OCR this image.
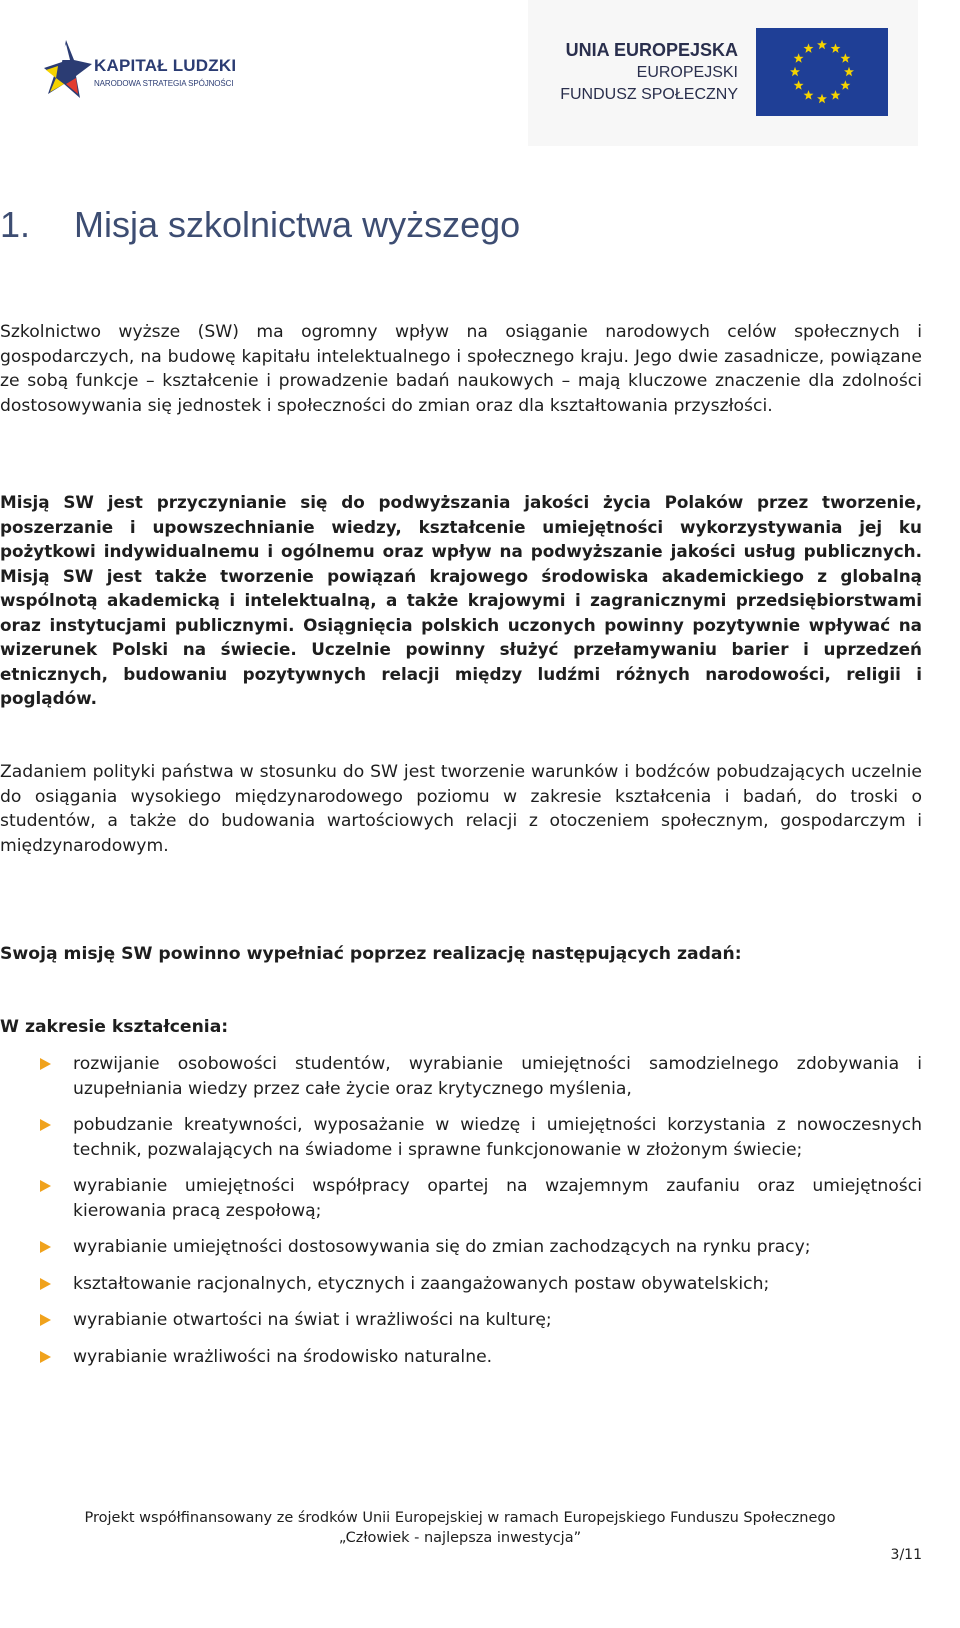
KAPITAŁ LUDZKI
NARODOWA STRATEGIA SPÓJNOŚCI
UNIA EUROPEJSKA
EUROPEJSKI
FUNDUSZ SPOŁECZNY
1. Misja szkolnictwa wyższego
Szkolnictwo wyższe (SW) ma ogromny wpływ na osiąganie narodowych celów społecznych i gospodarczych, na budowę kapitału intelektualnego i społecznego kraju. Jego dwie zasadnicze, powiązane ze sobą funkcje – kształcenie i prowadzenie badań naukowych – mają kluczowe znaczenie dla zdolności dostosowywania się jednostek i społeczności do zmian oraz dla kształtowania przyszłości.
Misją SW jest przyczynianie się do podwyższania jakości życia Polaków przez tworzenie, poszerzanie i upowszechnianie wiedzy, kształcenie umiejętności wykorzystywania jej ku pożytkowi indywidualnemu i ogólnemu oraz wpływ na podwyższanie jakości usług publicznych. Misją SW jest także tworzenie powiązań krajowego środowiska akademickiego z globalną wspólnotą akademicką i intelektualną, a także krajowymi i zagranicznymi przedsiębiorstwami oraz instytucjami publicznymi. Osiągnięcia polskich uczonych powinny pozytywnie wpływać na wizerunek Polski na świecie. Uczelnie powinny służyć przełamywaniu barier i uprzedzeń etnicznych, budowaniu pozytywnych relacji między ludźmi różnych narodowości, religii i poglądów.
Zadaniem polityki państwa w stosunku do SW jest tworzenie warunków i bodźców pobudzających uczelnie do osiągania wysokiego międzynarodowego poziomu w zakresie kształcenia i badań, do troski o studentów, a także do budowania wartościowych relacji z otoczeniem społecznym, gospodarczym i międzynarodowym.
Swoją misję SW powinno wypełniać poprzez realizację następujących zadań:
W zakresie kształcenia:
rozwijanie osobowości studentów, wyrabianie umiejętności samodzielnego zdobywania i uzupełniania wiedzy przez całe życie oraz krytycznego myślenia,
pobudzanie kreatywności, wyposażanie w wiedzę i umiejętności korzystania z nowoczesnych technik, pozwalających na świadome i sprawne funkcjonowanie w złożonym świecie;
wyrabianie umiejętności współpracy opartej na wzajemnym zaufaniu oraz umiejętności kierowania pracą zespołową;
wyrabianie umiejętności dostosowywania się do zmian zachodzących na rynku pracy;
kształtowanie racjonalnych, etycznych i zaangażowanych postaw obywatelskich;
wyrabianie otwartości na świat i wrażliwości na kulturę;
wyrabianie wrażliwości na środowisko naturalne.
Projekt współfinansowany ze środków Unii Europejskiej w ramach Europejskiego Funduszu Społecznego
„Człowiek - najlepsza inwestycja”
3/11
